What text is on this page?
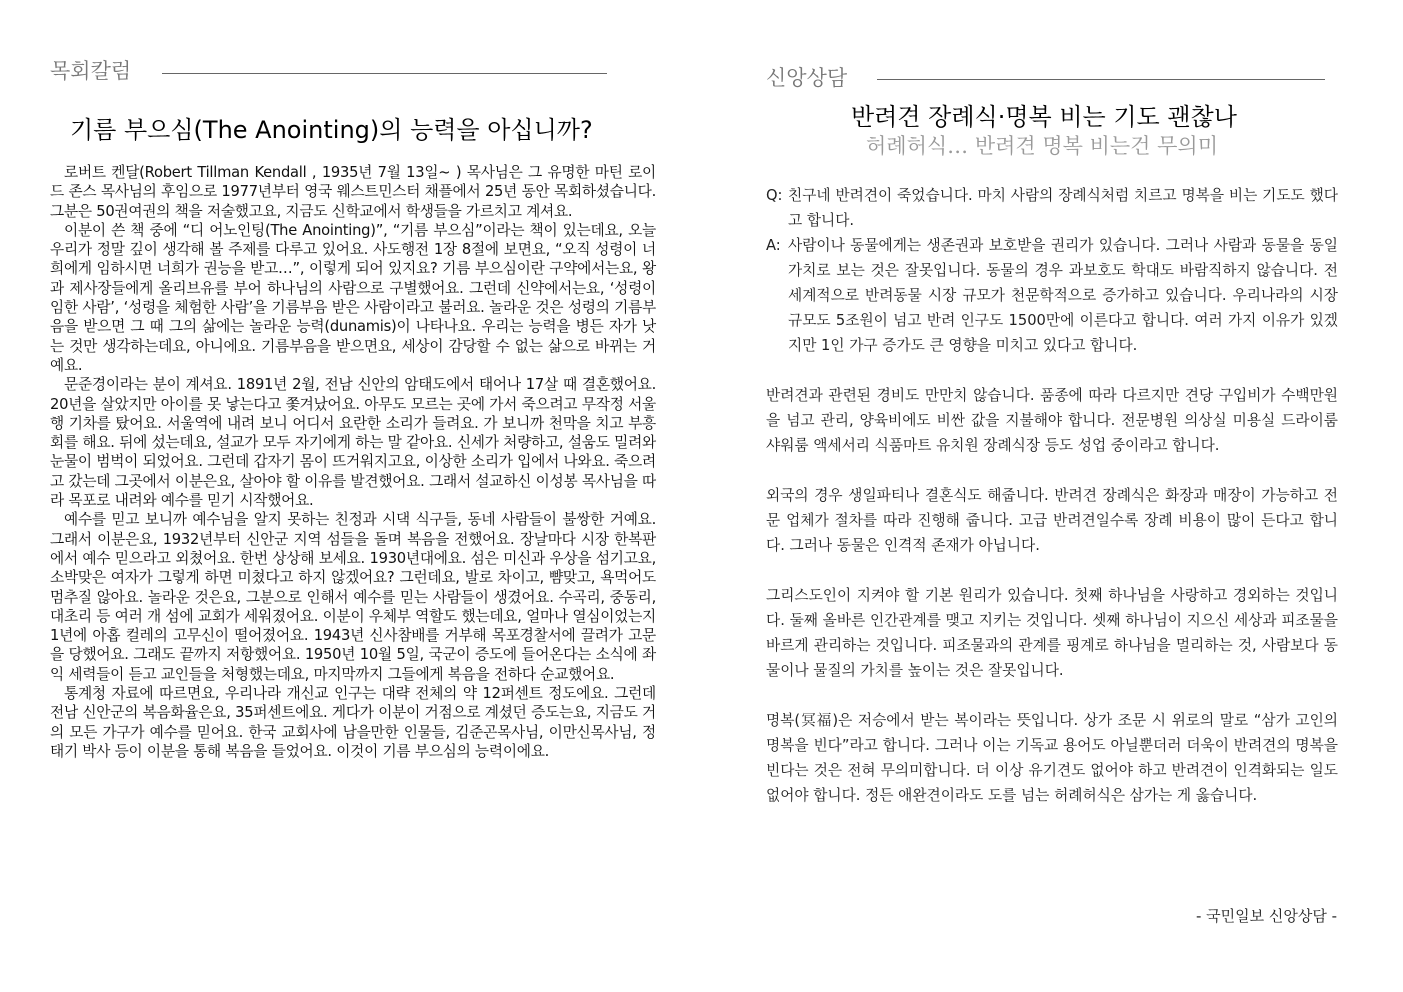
목회칼럼
기름 부으심(The Anointing)의 능력을 아십니까?

로버트 켄달(Robert Tillman Kendall , 1935년 7월 13일~ ) 목사님은 그 유명한 마틴 로이드 존스 목사님의 후임으로 1977년부터 영국 웨스트민스터 채플에서 25년 동안 목회하셨습니다. 그분은 50권여권의 책을 저술했고요, 지금도 신학교에서 학생들을 가르치고 계셔요.

이분이 쓴 책 중에 “디 어노인팅(The Anointing)”, “기름 부으심”이라는 책이 있는데요, 오늘 우리가 정말 깊이 생각해 볼 주제를 다루고 있어요. 사도행전 1장 8절에 보면요, “오직 성령이 너희에게 임하시면 너희가 권능을 받고…”, 이렇게 되어 있지요? 기름 부으심이란 구약에서는요, 왕과 제사장들에게 올리브유를 부어 하나님의 사람으로 구별했어요. 그런데 신약에서는요, ‘성령이 임한 사람’, ‘성령을 체험한 사람’을 기름부음 받은 사람이라고 불러요. 놀라운 것은 성령의 기름부음을 받으면 그 때 그의 삶에는 놀라운 능력(dunamis)이 나타나요. 우리는 능력을 병든 자가 낫는 것만 생각하는데요, 아니에요. 기름부음을 받으면요, 세상이 감당할 수 없는 삶으로 바뀌는 거예요.

문준경이라는 분이 계셔요. 1891년 2월, 전남 신안의 암태도에서 태어나 17살 때 결혼했어요. 20년을 살았지만 아이를 못 낳는다고 쫓겨났어요. 아무도 모르는 곳에 가서 죽으려고 무작정 서울행 기차를 탔어요. 서울역에 내려 보니 어디서 요란한 소리가 들려요. 가 보니까 천막을 치고 부흥회를 해요. 뒤에 섰는데요, 설교가 모두 자기에게 하는 말 같아요. 신세가 처량하고, 설움도 밀려와 눈물이 범벅이 되었어요. 그런데 갑자기 몸이 뜨거워지고요, 이상한 소리가 입에서 나와요. 죽으려고 갔는데 그곳에서 이분은요, 살아야 할 이유를 발견했어요. 그래서 설교하신 이성봉 목사님을 따라 목포로 내려와 예수를 믿기 시작했어요.

예수를 믿고 보니까 예수님을 알지 못하는 친정과 시댁 식구들, 동네 사람들이 불쌍한 거예요. 그래서 이분은요, 1932년부터 신안군 지역 섬들을 돌며 복음을 전했어요. 장날마다 시장 한복판에서 예수 믿으라고 외쳤어요. 한번 상상해 보세요. 1930년대에요. 섬은 미신과 우상을 섬기고요, 소박맞은 여자가 그렇게 하면 미쳤다고 하지 않겠어요? 그런데요, 발로 차이고, 뺨맞고, 욕먹어도 멈추질 않아요. 놀라운 것은요, 그분으로 인해서 예수를 믿는 사람들이 생겼어요. 수곡리, 중동리, 대초리 등 여러 개 섬에 교회가 세워졌어요. 이분이 우체부 역할도 했는데요, 얼마나 열심이었는지 1년에 아홉 컬레의 고무신이 떨어졌어요. 1943년 신사참배를 거부해 목포경찰서에 끌려가 고문을 당했어요. 그래도 끝까지 저항했어요. 1950년 10월 5일, 국군이 증도에 들어온다는 소식에 좌익 세력들이 듣고 교인들을 처형했는데요, 마지막까지 그들에게 복음을 전하다 순교했어요.

통계청 자료에 따르면요, 우리나라 개신교 인구는 대략 전체의 약 12퍼센트 정도에요. 그런데 전남 신안군의 복음화율은요, 35퍼센트에요. 게다가 이분이 거점으로 계셨던 증도는요, 지금도 거의 모든 가구가 예수를 믿어요. 한국 교회사에 남을만한 인물들, 김준곤목사님, 이만신목사님, 정태기 박사 등이 이분을 통해 복음을 들었어요. 이것이 기름 부으심의 능력이에요.

신앙상담
반려견 장례식·명복 비는 기도 괜찮나
허례허식… 반려견 명복 비는건 무의미
Q: 친구네 반려견이 죽었습니다. 마치 사람의 장례식처럼 치르고 명복을 비는 기도도 했다고 합니다.
A: 사람이나 동물에게는 생존권과 보호받을 권리가 있습니다. 그러나 사람과 동물을 동일 가치로 보는 것은 잘못입니다. 동물의 경우 과보호도 학대도 바람직하지 않습니다. 전 세계적으로 반려동물 시장 규모가 천문학적으로 증가하고 있습니다. 우리나라의 시장 규모도 5조원이 넘고 반려 인구도 1500만에 이른다고 합니다. 여러 가지 이유가 있겠지만 1인 가구 증가도 큰 영향을 미치고 있다고 합니다.

반려견과 관련된 경비도 만만치 않습니다. 품종에 따라 다르지만 견당 구입비가 수백만원을 넘고 관리, 양육비에도 비싼 값을 지불해야 합니다. 전문병원 의상실 미용실 드라이룸 샤워룸 액세서리 식품마트 유치원 장례식장 등도 성업 중이라고 합니다.

외국의 경우 생일파티나 결혼식도 해줍니다. 반려견 장례식은 화장과 매장이 가능하고 전문 업체가 절차를 따라 진행해 줍니다. 고급 반려견일수록 장례 비용이 많이 든다고 합니다. 그러나 동물은 인격적 존재가 아닙니다.

그리스도인이 지켜야 할 기본 원리가 있습니다. 첫째 하나님을 사랑하고 경외하는 것입니다. 둘째 올바른 인간관계를 맺고 지키는 것입니다. 셋째 하나님이 지으신 세상과 피조물을 바르게 관리하는 것입니다. 피조물과의 관계를 핑계로 하나님을 멀리하는 것, 사람보다 동물이나 물질의 가치를 높이는 것은 잘못입니다.

명복(冥福)은 저승에서 받는 복이라는 뜻입니다. 상가 조문 시 위로의 말로 “삼가 고인의 명복을 빈다”라고 합니다. 그러나 이는 기독교 용어도 아닐뿐더러 더욱이 반려견의 명복을 빈다는 것은 전혀 무의미합니다. 더 이상 유기견도 없어야 하고 반려견이 인격화되는 일도 없어야 합니다. 정든 애완견이라도 도를 넘는 허례허식은 삼가는 게 옳습니다.

- 국민일보 신앙상담 -
